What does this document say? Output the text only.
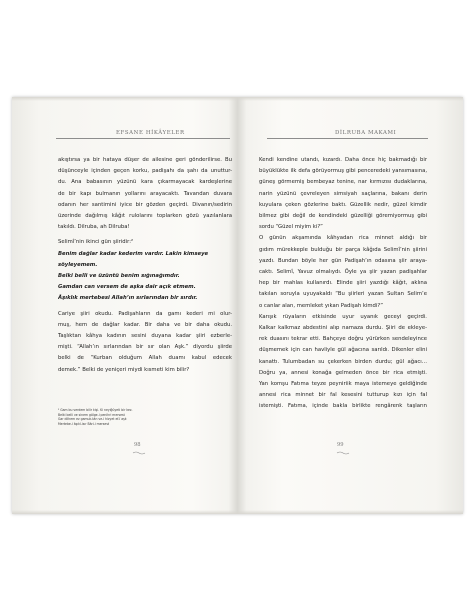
EFSANE HİKÂYELER
akıştırsa ya bir hataya düşer de ailesine geri gönderilirse. Bu
düşünceyle içinden geçen korku, padişahı da şahı da unuttur-
du. Ana babasının yüzünü kara çıkarmayacak kardeşlerine
de bir kapı bulmanın yollarını arayacaktı. Tavandan duvara
odanın her santimini iyice bir gözden geçirdi. Divanın/sedirin
üzerinde dağılmış kâğıt rulolarını toplarken gözü yazılanlara
takıldı. Dilruba, ah Dilruba!
Selimî’nin ikinci gün şiiridir:²
Benim dağlar kadar kederim vardır. Lakin kimseye
söyleyemem.
Belki belli ve üzüntü benim sığınağımdır.
Gamdan can versem de aşka dair açık etmem.
Âşıklık mertebesi Allah’ın sırlarından bir sırdır.
Cariye şiiri okudu. Padişahların da gamı kederi mi olur-
muş, hem de dağlar kadar. Bir daha ve bir daha okudu.
Taşlıktan kâhya kadının sesini duyana kadar şiiri ezberle-
mişti. “Allah’ın sırlarından bir sır olan Aşk.” diyordu şiirde
belki de “Kurban olduğum Allah duamı kabul edecek
demek.” Belki de yeniçeri miydi kısmeti kim bilir?
² Gam bu verdem bilir kişi. Ki neyiğüyeti bir kez.
Belki belli ve sinem gölge-i penihri mersest
Gar dilhem ez gamuk-tân ve-i hizyet ef-î aşk
Mertebe-i âşıkl-isır Bâri-i mersest
98
DİLRUBA MAKAMI
Kendi kendine utandı, kızardı. Daha önce hiç bakmadığı bir
büyüklükte ilk defa görüyormuş gibi penceredeki yansımasına,
güneş görmemiş bembeyaz tenine, nar kırmızısı dudaklarına,
narin yüzünü çevreleyen simsiyah saçlarına, bakanı derin
kuyulara çeken gözlerine baktı. Güzellik nedir, güzel kimdir
bilmez gibi değil de kendindeki güzelliği göremiyormuş gibi
sordu “Güzel miyim ki?”
O günün akşamında kâhyadan rica minnet aldığı bir
gıdım mürekkeple bulduğu bir parça kâğıda Selimî’nin şiirini
yazdı. Bundan böyle her gün Padişah’ın odasına şiir araya-
caktı. Selimî, Yavuz olmalıydı. Öyle ya şiir yazan padişahlar
hep bir mahlas kullanırdı. Elinde şiiri yazdığı kâğıt, aklına
takılan soruyla uyuyakaldı “Bu şiirleri yazan Sultan Selim’e
o canlar alan, memleket yıkan Padişah kimdi?”
Karışık rüyaların etkisinde uyur uyanık geceyi geçirdi.
Kalkar kalkmaz abdestini alıp namaza durdu. Şiiri de ekleye-
rek duasını tekrar etti. Bahçeye doğru yürürken sendeleyince
düşmemek için can havliyle gül ağacına sarıldı. Dikenler elini
kanattı. Tulumbadan su çekerken birden durdu; gül ağacı…
Doğru ya, annesi konağa gelmeden önce bir rica etmişti.
Yan komşu Fatıma teyze peyniriik maya istemeye geldiğinde
annesi rica minnet bir fal kesesini tutturup kızı için fal
istemişti. Fatıma, içinde bakla birlikte rengârenk taşların
99
